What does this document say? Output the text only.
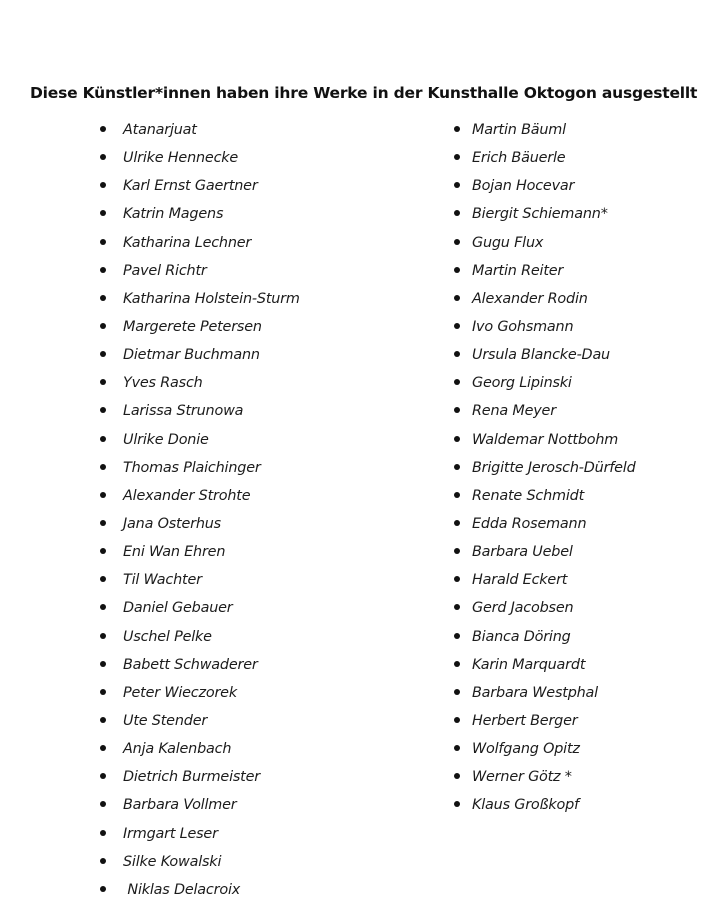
Diese Künstler*innen haben ihre Werke in der Kunsthalle Oktogon ausgestellt
Atanarjuat
Ulrike Hennecke
Karl Ernst Gaertner
Katrin Magens
Katharina Lechner
Pavel Richtr
Katharina Holstein-Sturm
Margerete Petersen
Dietmar Buchmann
Yves Rasch
Larissa Strunowa
Ulrike Donie
Thomas Plaichinger
Alexander Strohte
Jana Osterhus
Eni Wan Ehren
Til Wachter
Daniel Gebauer
Uschel Pelke
Babett Schwaderer
Peter Wieczorek
Ute Stender
Anja Kalenbach
Dietrich Burmeister
Barbara Vollmer
Irmgart Leser
Silke Kowalski
Niklas Delacroix
Martin Bäuml
Erich Bäuerle
Bojan Hocevar
Biergit Schiemann*
Gugu Flux
Martin Reiter
Alexander Rodin
Ivo Gohsmann
Ursula Blancke-Dau
Georg Lipinski
Rena Meyer
Waldemar Nottbohm
Brigitte Jerosch-Dürfeld
Renate Schmidt
Edda Rosemann
Barbara Uebel
Harald Eckert
Gerd Jacobsen
Bianca Döring
Karin Marquardt
Barbara Westphal
Herbert Berger
Wolfgang Opitz
Werner Götz *
Klaus Großkopf
